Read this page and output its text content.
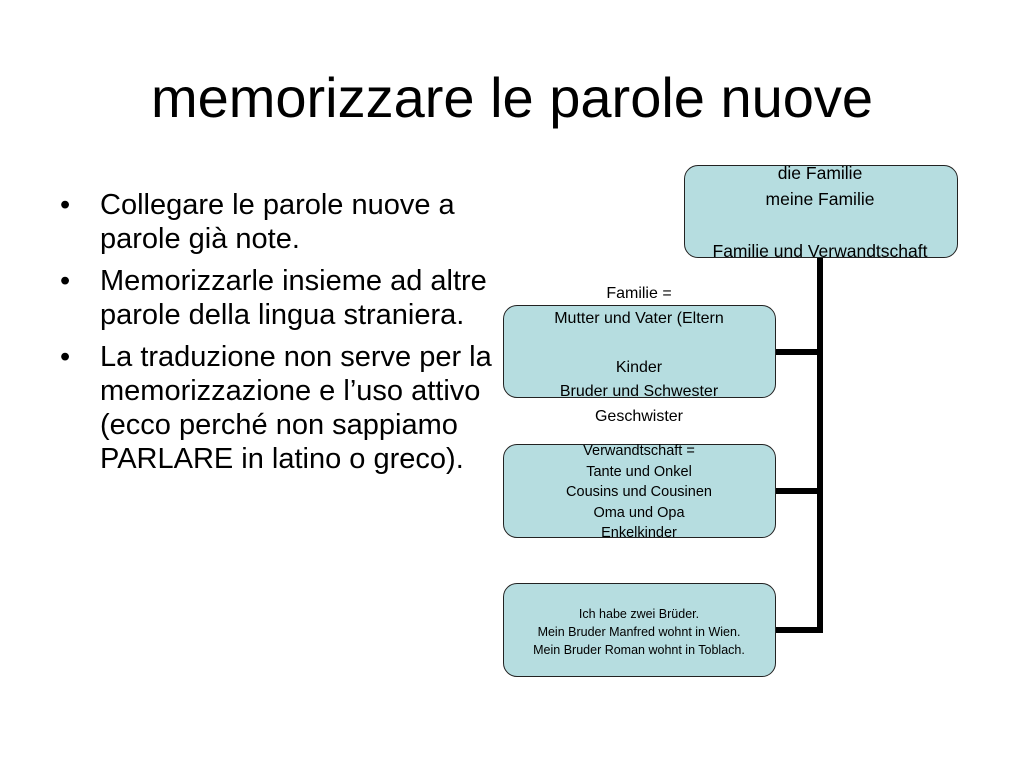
memorizzare le parole nuove
• Collegare le parole nuove a parole già note.
• Memorizzarle insieme ad altre parole della lingua straniera.
• La traduzione non serve per la memorizzazione e l’uso attivo (ecco perché non sappiamo PARLARE in latino o greco).
die Familie
meine Familie

Familie und Verwandtschaft
Familie =
Mutter und Vater (Eltern

Kinder
Bruder und Schwester
Geschwister
Verwandtschaft =
Tante und Onkel
Cousins und Cousinen
Oma und Opa
Enkelkinder
Ich habe zwei Brüder.
Mein Bruder Manfred wohnt in Wien.
Mein Bruder Roman wohnt in Toblach.
